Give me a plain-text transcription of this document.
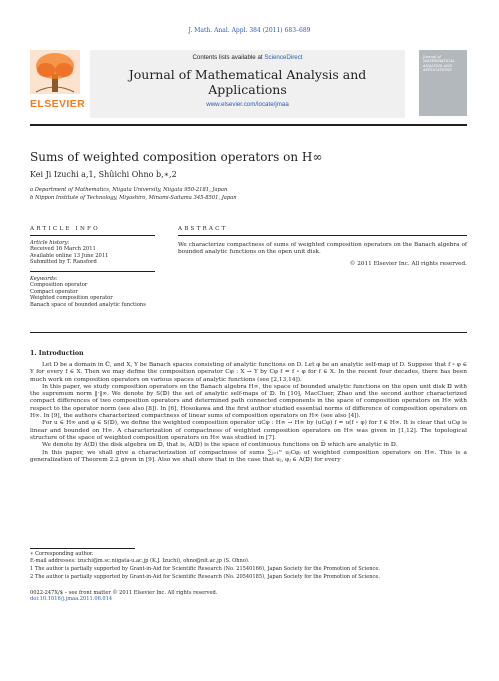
J. Math. Anal. Appl. 384 (2011) 683–689
ELSEVIER
Contents lists available at ScienceDirect
Journal of Mathematical Analysis and Applications
www.elsevier.com/locate/jmaa
Journal of MATHEMATICAL ANALYSIS AND APPLICATIONS
Sums of weighted composition operators on H∞
Kei Ji Izuchi a,1, Shûichi Ohno b,∗,2
a Department of Mathematics, Niigata University, Niigata 950-2181, Japan
b Nippon Institute of Technology, Miyashiro, Minami-Saitama 345-8501, Japan
ARTICLE INFO
Article history:
Received 16 March 2011
Available online 13 June 2011
Submitted by T. Ransford
Keywords:
Composition operator
Compact operator
Weighted composition operator
Banach space of bounded analytic functions
ABSTRACT
We characterize compactness of sums of weighted composition operators on the Banach algebra of bounded analytic functions on the open unit disk.
© 2011 Elsevier Inc. All rights reserved.
1. Introduction

Let D be a domain in ℂ, and X, Y be Banach spaces consisting of analytic functions on D. Let φ be an analytic self-map of D. Suppose that f ∘ φ ∈ Y for every f ∈ X. Then we may define the composition operator Cφ : X → Y by Cφ f = f ∘ φ for f ∈ X. In the recent four decades, there has been much work on composition operators on various spaces of analytic functions (see [2,13,14]).

In this paper, we study composition operators on the Banach algebra H∞, the space of bounded analytic functions on the open unit disk 𝔻 with the supremum norm ‖·‖∞. We denote by S(𝔻) the set of analytic self-maps of 𝔻. In [10], MacCluer, Zhao and the second author characterized compact differences of two composition operators and determined path connected components in the space of composition operators on H∞ with respect to the operator norm (see also [8]). In [6], Hosokawa and the first author studied essential norms of difference of composition operators on H∞. In [9], the authors characterized compactness of linear sums of composition operators on H∞ (see also [4]).

For u ∈ H∞ and φ ∈ S(𝔻), we define the weighted composition operator uCφ : H∞ → H∞ by (uCφ) f = u(f ∘ φ) for f ∈ H∞. It is clear that uCφ is linear and bounded on H∞. A characterization of compactness of weighted composition operators on H∞ was given in [1,12]. The topological structure of the space of weighted composition operators on H∞ was studied in [7].

We denote by A(𝔻) the disk algebra on 𝔻̅, that is, A(𝔻) is the space of continuous functions on 𝔻̅ which are analytic in 𝔻.

In this paper, we shall give a characterization of compactness of sums ∑ⱼ₌₁ᴺ uⱼCφⱼ of weighted composition operators on H∞. This is a generalization of Theorem 2.2 given in [9]. Also we shall show that in the case that uⱼ, φⱼ ∈ A(𝔻) for every

∗ Corresponding author.
E-mail addresses: izuchi@m.sc.niigata-u.ac.jp (K.J. Izuchi), ohno@nit.ac.jp (S. Ohno).
1 The author is partially supported by Grant-in-Aid for Scientific Research (No. 21540166), Japan Society for the Promotion of Science.
2 The author is partially supported by Grant-in-Aid for Scientific Research (No. 20540185), Japan Society for the Promotion of Science.
0022-247X/$ – see front matter © 2011 Elsevier Inc. All rights reserved.
doi:10.1016/j.jmaa.2011.06.014
